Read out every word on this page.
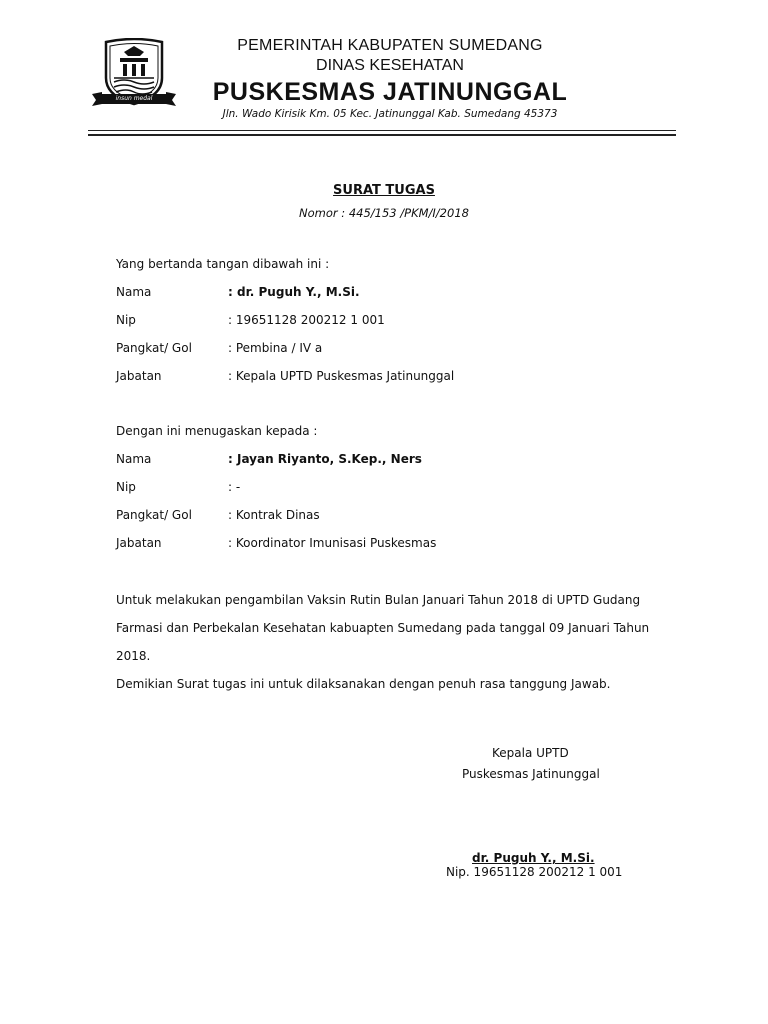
insun medal
PEMERINTAH KABUPATEN SUMEDANG
DINAS KESEHATAN
PUSKESMAS JATINUNGGAL
Jln. Wado Kirisik Km. 05 Kec. Jatinunggal Kab. Sumedang 45373
SURAT TUGAS
Nomor : 445/153 /PKM/I/2018
Yang bertanda tangan dibawah ini :
Nama	: dr. Puguh Y., M.Si.
Nip	: 19651128 200212 1 001
Pangkat/ Gol	: Pembina / IV a
Jabatan	: Kepala UPTD Puskesmas Jatinunggal
Dengan ini menugaskan kepada :
Nama	: Jayan Riyanto, S.Kep., Ners
Nip	: -
Pangkat/ Gol	: Kontrak Dinas
Jabatan	: Koordinator Imunisasi Puskesmas
Untuk melakukan pengambilan Vaksin Rutin Bulan Januari Tahun 2018 di UPTD Gudang Farmasi dan Perbekalan Kesehatan kabuapten Sumedang pada tanggal 09 Januari Tahun 2018.
Demikian Surat tugas ini untuk dilaksanakan dengan penuh rasa tanggung Jawab.
Kepala UPTD
Puskesmas Jatinunggal
dr. Puguh Y., M.Si.
Nip. 19651128 200212 1 001
